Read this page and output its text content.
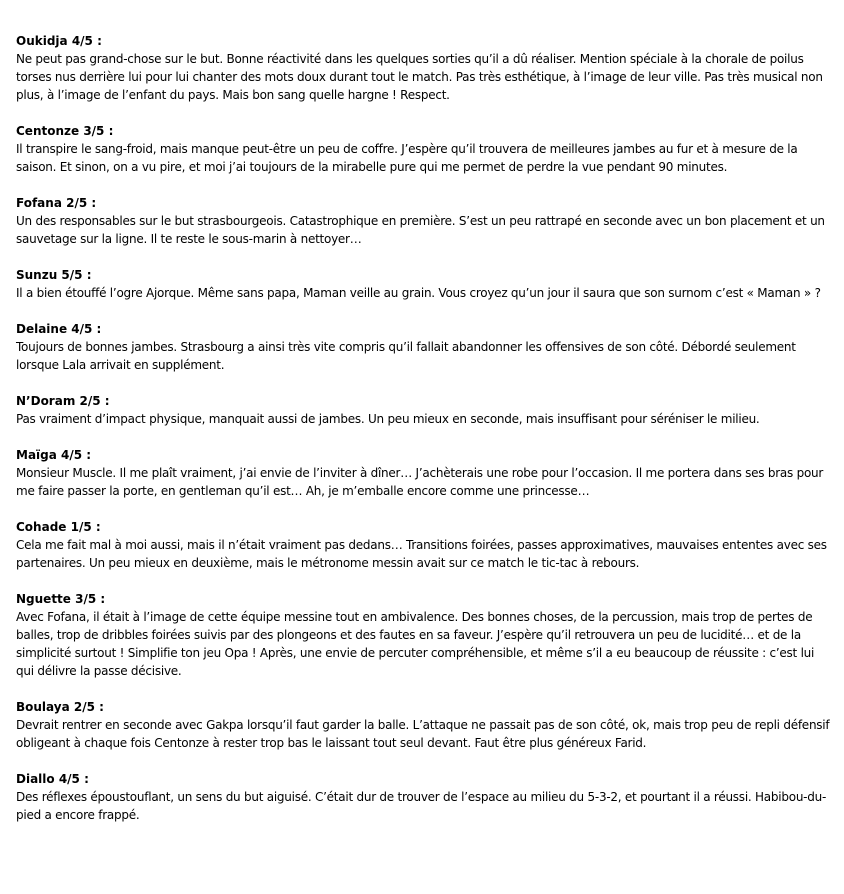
Oukidja 4/5 :

Ne peut pas grand-chose sur le but. Bonne réactivité dans les quelques sorties qu’il a dû réaliser. Mention spéciale à la chorale de poilus torses nus derrière lui pour lui chanter des mots doux durant tout le match. Pas très esthétique, à l’image de leur ville. Pas très musical non plus, à l’image de l’enfant du pays. Mais bon sang quelle hargne ! Respect.

Centonze 3/5 :

Il transpire le sang-froid, mais manque peut-être un peu de coffre. J’espère qu’il trouvera de meilleures jambes au fur et à mesure de la saison. Et sinon, on a vu pire, et moi j’ai toujours de la mirabelle pure qui me permet de perdre la vue pendant 90 minutes.

Fofana 2/5 :

Un des responsables sur le but strasbourgeois. Catastrophique en première. S’est un peu rattrapé en seconde avec un bon placement et un sauvetage sur la ligne. Il te reste le sous-marin à nettoyer…

Sunzu 5/5 :

Il a bien étouffé l’ogre Ajorque. Même sans papa, Maman veille au grain. Vous croyez qu’un jour il saura que son surnom c’est « Maman » ?

Delaine 4/5 :

Toujours de bonnes jambes. Strasbourg a ainsi très vite compris qu’il fallait abandonner les offensives de son côté. Débordé seulement lorsque Lala arrivait en supplément.

N’Doram 2/5 :

Pas vraiment d’impact physique, manquait aussi de jambes. Un peu mieux en seconde, mais insuffisant pour séréniser le milieu.

Maïga 4/5 :

Monsieur Muscle. Il me plaît vraiment, j’ai envie de l’inviter à dîner… J’achèterais une robe pour l’occasion. Il me portera dans ses bras pour me faire passer la porte, en gentleman qu’il est… Ah, je m’emballe encore comme une princesse…

Cohade 1/5 :

Cela me fait mal à moi aussi, mais il n’était vraiment pas dedans… Transitions foirées, passes approximatives, mauvaises ententes avec ses partenaires. Un peu mieux en deuxième, mais le métronome messin avait sur ce match le tic-tac à rebours.

Nguette 3/5 :

Avec Fofana, il était à l’image de cette équipe messine tout en ambivalence. Des bonnes choses, de la percussion, mais trop de pertes de balles, trop de dribbles foirées suivis par des plongeons et des fautes en sa faveur. J’espère qu’il retrouvera un peu de lucidité… et de la simplicité surtout ! Simplifie ton jeu Opa ! Après, une envie de percuter compréhensible, et même s’il a eu beaucoup de réussite : c’est lui qui délivre la passe décisive.

Boulaya 2/5 :

Devrait rentrer en seconde avec Gakpa lorsqu’il faut garder la balle. L’attaque ne passait pas de son côté, ok, mais trop peu de repli défensif obligeant à chaque fois Centonze à rester trop bas le laissant tout seul devant. Faut être plus généreux Farid.

Diallo 4/5 :

Des réflexes époustouflant, un sens du but aiguisé. C’était dur de trouver de l’espace au milieu du 5-3-2, et pourtant il a réussi. Habibou-du-pied a encore frappé.
